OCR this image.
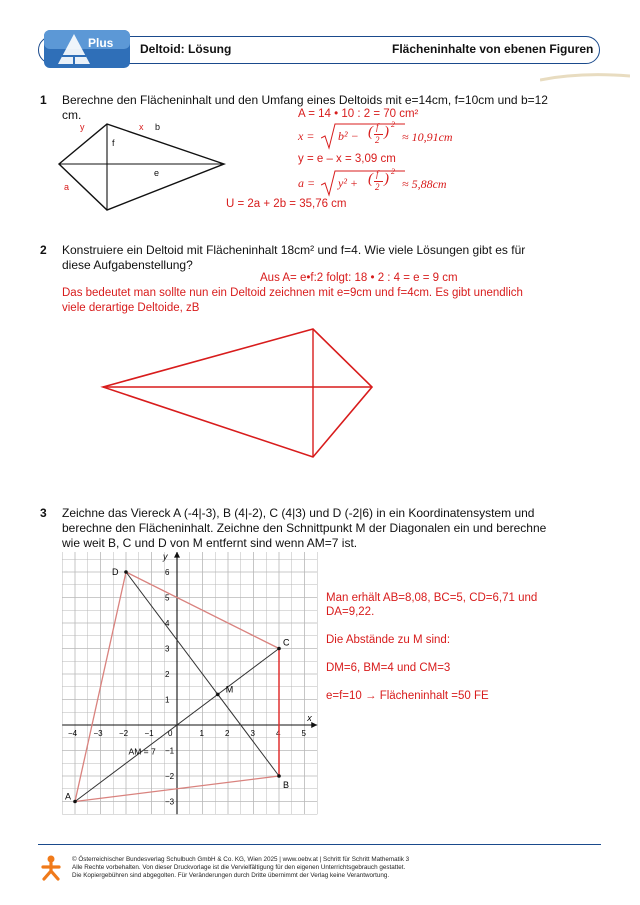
Plus Deltoid: Lösung	Flächeninhalte von ebenen Figuren
1 Berechne den Flächeninhalt und den Umfang eines Deltoids mit e=14cm, f=10cm und b=12
cm.
y	x b
f
e
a
A = 14 • 10 : 2 = 70 cm²
x = b² − ( f
2 ) 2
≈ 10,91cm
y = e – x = 3,09 cm
a = y² + ( f
2 ) 2
≈ 5,88cm
U = 2a + 2b = 35,76 cm
2 Konstruiere ein Deltoid mit Flächeninhalt 18cm² und f=4. Wie viele Lösungen gibt es für
diese Aufgabenstellung?
Aus A= e•f:2 folgt: 18 • 2 : 4 = e = 9 cm
Das bedeutet man sollte nun ein Deltoid zeichnen mit e=9cm und f=4cm. Es gibt unendlich
viele derartige Deltoide, zB
3 Zeichne das Viereck A (-4|-3), B (4|-2), C (4|3) und D (-2|6) in ein Koordinatensystem und
berechne den Flächeninhalt. Zeichne den Schnittpunkt M der Diagonalen ein und berechne
wie weit B, C und D von M entfernt sind wenn AM=7 ist.
x
y
−4 −3 −2 −1	1	2	3	4	5
−3
−2
−1
1
2
3
4
5
6
0
A
B
C
D
M
AM = 7
Man erhält AB=8,08, BC=5, CD=6,71 und
DA=9,22.
Die Abstände zu M sind:
DM=6, BM=4 und CM=3
e=f=10 → Flächeninhalt =50 FE
© Österreichischer Bundesverlag Schulbuch GmbH & Co. KG, Wien 2025 | www.oebv.at | Schritt für Schritt Mathematik 3
Alle Rechte vorbehalten. Von dieser Druckvorlage ist die Vervielfältigung für den eigenen Unterrichtsgebrauch gestattet.
Die Kopiergebühren sind abgegolten. Für Veränderungen durch Dritte übernimmt der Verlag keine Verantwortung.
